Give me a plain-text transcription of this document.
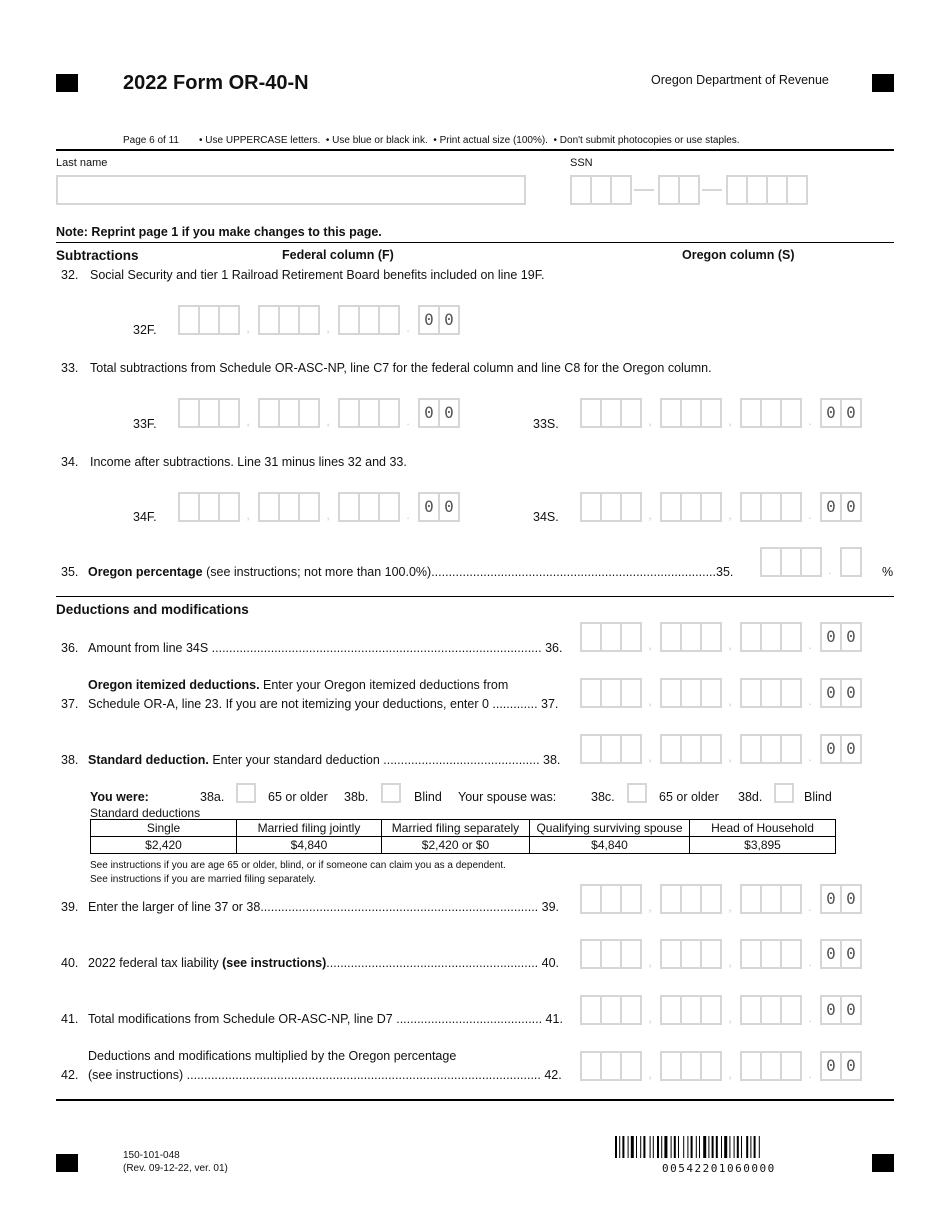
2022 Form OR-40-N	Oregon Department of Revenue
Page 6 of 11 • Use UPPERCASE letters.  • Use blue or black ink.  • Print actual size (100%).  • Don't submit photocopies or use staples.
Last name	SSN
Note: Reprint page 1 if you make changes to this page.
Subtractions	Federal column (F)	Oregon column (S)
32. Social Security and tier 1 Railroad Retirement Board benefits included on line 19F.
32F.	,	,	. 0 0
33. Total subtractions from Schedule OR-ASC-NP, line C7 for the federal column and line C8 for the Oregon column.
33F.	,	,	. 0 0
33S.	,	,	. 0 0
34. Income after subtractions. Line 31 minus lines 32 and 33.
34F.	,	,	. 0 0
34S.	,	,	. 0 0
35. Oregon percentage (see instructions; not more than 100.0%)..................................................................................35.	.	%
Deductions and modifications
36. Amount from line 34S ............................................................................................... 36.	,	,	. 0 0
37.
Oregon itemized deductions. Enter your Oregon itemized deductions from
Schedule OR-A, line 23. If you are not itemizing your deductions, enter 0 ............. 37.	,	,	. 0 0
38. Standard deduction. Enter your standard deduction ............................................. 38.	,	,	. 0 0
You were:	38a.	65 or older 38b.	Blind Your spouse was:	38c.	65 or older 38d.	Blind
Standard deductions
Single	Married filing jointly	Married filing separately	Qualifying surviving spouse	Head of Household
$2,420	$4,840	$2,420 or $0	$4,840	$3,895
See instructions if you are age 65 or older, blind, or if someone can claim you as a dependent.
See instructions if you are married filing separately.
39. Enter the larger of line 37 or 38................................................................................ 39.	,	,	. 0 0
40. 2022 federal tax liability (see instructions)............................................................. 40.	,	,	. 0 0
41. Total modifications from Schedule OR-ASC-NP, line D7 .......................................... 41.	,	,	. 0 0
42.
Deductions and modifications multiplied by the Oregon percentage
(see instructions) ...................................................................................................... 42.	,	,	. 0 0
150-101-048
(Rev. 09-12-22, ver. 01)	00542201060000
